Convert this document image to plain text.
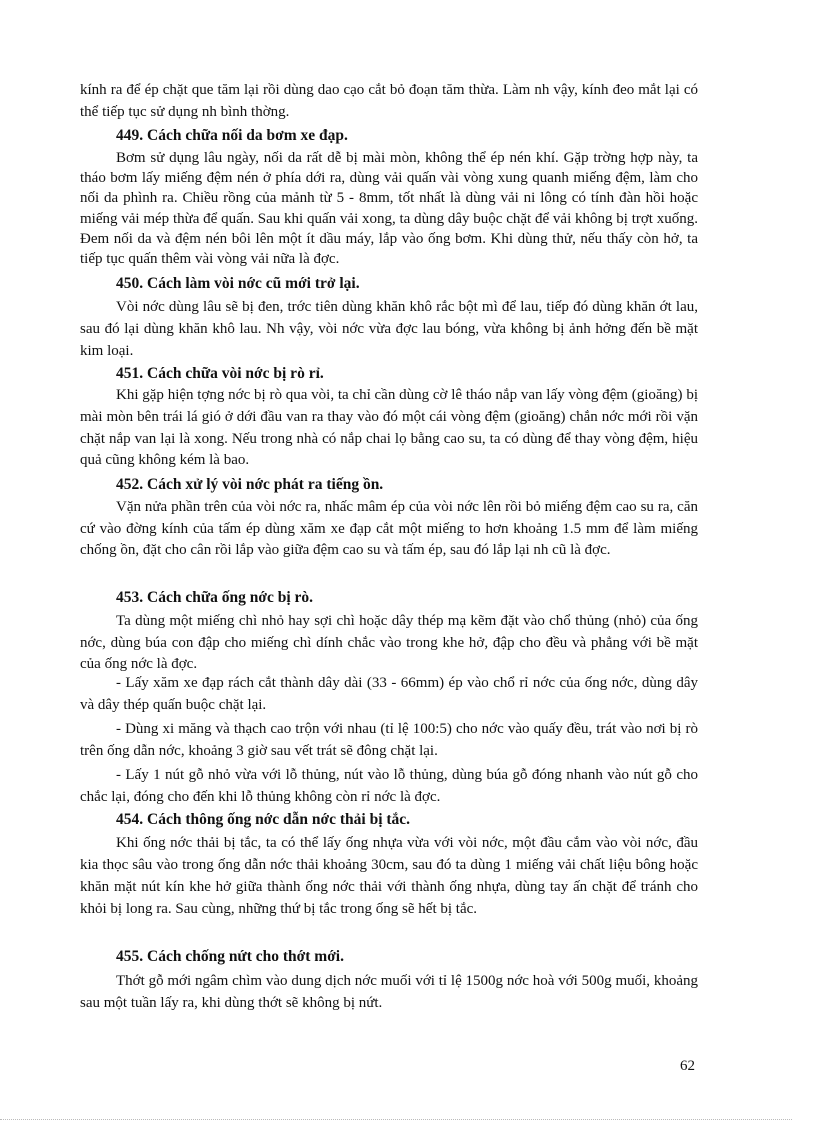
kính ra để ép chặt que tăm lại rồi dùng dao cạo cắt bỏ đoạn tăm thừa. Làm nh vậy, kính đeo mắt lại có thể tiếp tục sử dụng nh bình thờng.

449. Cách chữa nối da bơm xe đạp.

Bơm sử dụng lâu ngày, nối da rất dễ bị mài mòn, không thể ép nén khí. Gặp trờng hợp này, ta tháo bơm lấy miếng đệm nén ở phía dới ra, dùng vải quấn vài vòng xung quanh miếng đệm, làm cho nối da phình ra. Chiều rồng của mảnh từ 5 - 8mm, tốt nhất là dùng vải ni lông có tính đàn hồi hoặc miếng vải mép thừa để quấn. Sau khi quấn vải xong, ta dùng dây buộc chặt để vải không bị trợt xuống. Đem nối da và đệm nén bôi lên một ít dầu máy, lắp vào ống bơm. Khi dùng thử, nếu thấy còn hở, ta tiếp tục quấn thêm vài vòng vải nữa là đợc.

450. Cách làm vòi nớc cũ mới trở lại.

Vòi nớc dùng lâu sẽ bị đen, trớc tiên dùng khăn khô rắc bột mì để lau, tiếp đó dùng khăn ớt lau, sau đó lại dùng khăn khô lau. Nh vậy, vòi nớc vừa đợc lau bóng, vừa không bị ảnh hởng đến bề mặt kim loại.

451. Cách chữa vòi nớc bị rò rỉ.

Khi gặp hiện tợng nớc bị rò qua vòi, ta chỉ cần dùng cờ lê tháo nắp van lấy vòng đệm (gioăng) bị mài mòn bên trái lá gió ở dới đầu van ra thay vào đó một cái vòng đệm (gioăng) chắn nớc mới rồi vặn chặt nắp van lại là xong. Nếu trong nhà có nắp chai lọ bằng cao su, ta có dùng để thay vòng đệm, hiệu quả cũng không kém là bao.

452. Cách xử lý vòi nớc phát ra tiếng ồn.

Vặn nửa phần trên của vòi nớc ra, nhấc mâm ép của vòi nớc lên rồi bỏ miếng đệm cao su ra, căn cứ vào đờng kính của tấm ép dùng xăm xe đạp cắt một miếng to hơn khoảng 1.5 mm để làm miếng chống ồn, đặt cho cân rồi lắp vào giữa đệm cao su và tấm ép, sau đó lắp lại nh cũ là đợc.

453. Cách chữa ống nớc bị rò.

Ta dùng một miếng chì nhỏ hay sợi chì hoặc dây thép mạ kẽm đặt vào chổ thủng (nhỏ) của ống nớc, dùng búa con đập cho miếng chì dính chắc vào trong khe hở, đập cho đều và phẳng với bề mặt của ống nớc là đợc.

- Lấy xăm xe đạp rách cắt thành dây dài (33 - 66mm) ép vào chổ rỉ nớc của ống nớc, dùng dây và dây thép quấn buộc chặt lại.

- Dùng xi măng và thạch cao trộn với nhau (tỉ lệ 100:5) cho nớc vào quấy đều, trát vào nơi bị rò trên ống dẫn nớc, khoảng 3 giờ sau vết trát sẽ đông chặt lại.

- Lấy 1 nút gỗ nhỏ vừa với lỗ thủng, nút vào lỗ thủng, dùng búa gỗ đóng nhanh vào nút gỗ cho chắc lại, đóng cho đến khi lỗ thủng không còn rỉ nớc là đợc.

454. Cách thông ống nớc dẫn nớc thải bị tắc.

Khi ống nớc thải bị tắc, ta có thể lấy ống nhựa vừa với vòi nớc, một đầu cắm vào vòi nớc, đầu kia thọc sâu vào trong ống dẫn nớc thải khoảng 30cm, sau đó ta dùng 1 miếng vải chất liệu bông hoặc khăn mặt nút kín khe hở giữa thành ống nớc thải với thành ống nhựa, dùng tay ấn chặt để tránh cho khỏi bị long ra. Sau cùng, những thứ bị tắc trong ống sẽ hết bị tắc.

455. Cách chống nứt cho thớt mới.

Thớt gỗ mới ngâm chìm vào dung dịch nớc muối với tỉ lệ 1500g nớc hoà với 500g muối, khoảng sau một tuần lấy ra, khi dùng thớt sẽ không bị nứt.

62
